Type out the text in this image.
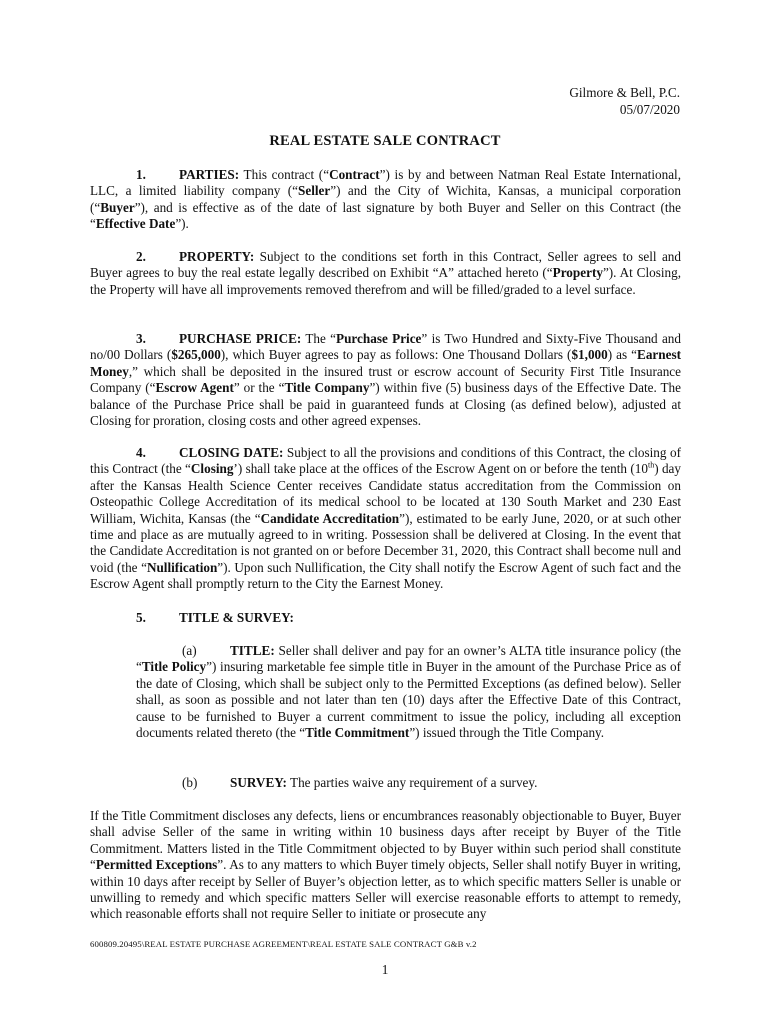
Gilmore & Bell, P.C.
05/07/2020
REAL ESTATE SALE CONTRACT
1.	PARTIES: This contract (“Contract”) is by and between Natman Real Estate International, LLC, a limited liability company (“Seller”) and the City of Wichita, Kansas, a municipal corporation (“Buyer”), and is effective as of the date of last signature by both Buyer and Seller on this Contract (the “Effective Date”).
2.	PROPERTY: Subject to the conditions set forth in this Contract, Seller agrees to sell and Buyer agrees to buy the real estate legally described on Exhibit “A” attached hereto (“Property”). At Closing, the Property will have all improvements removed therefrom and will be filled/graded to a level surface.
3.	PURCHASE PRICE: The “Purchase Price” is Two Hundred and Sixty-Five Thousand and no/00 Dollars ($265,000), which Buyer agrees to pay as follows: One Thousand Dollars ($1,000) as “Earnest Money,” which shall be deposited in the insured trust or escrow account of Security First Title Insurance Company (“Escrow Agent” or the “Title Company”) within five (5) business days of the Effective Date. The balance of the Purchase Price shall be paid in guaranteed funds at Closing (as defined below), adjusted at Closing for proration, closing costs and other agreed expenses.
4.	CLOSING DATE: Subject to all the provisions and conditions of this Contract, the closing of this Contract (the “Closing’) shall take place at the offices of the Escrow Agent on or before the tenth (10th) day after the Kansas Health Science Center receives Candidate status accreditation from the Commission on Osteopathic College Accreditation of its medical school to be located at 130 South Market and 230 East William, Wichita, Kansas (the “Candidate Accreditation”), estimated to be early June, 2020, or at such other time and place as are mutually agreed to in writing. Possession shall be delivered at Closing. In the event that the Candidate Accreditation is not granted on or before December 31, 2020, this Contract shall become null and void (the “Nullification”). Upon such Nullification, the City shall notify the Escrow Agent of such fact and the Escrow Agent shall promptly return to the City the Earnest Money.
5.	TITLE & SURVEY:
(a)	TITLE: Seller shall deliver and pay for an owner’s ALTA title insurance policy (the “Title Policy”) insuring marketable fee simple title in Buyer in the amount of the Purchase Price as of the date of Closing, which shall be subject only to the Permitted Exceptions (as defined below). Seller shall, as soon as possible and not later than ten (10) days after the Effective Date of this Contract, cause to be furnished to Buyer a current commitment to issue the policy, including all exception documents related thereto (the “Title Commitment”) issued through the Title Company.
(b) SURVEY: The parties waive any requirement of a survey.
If the Title Commitment discloses any defects, liens or encumbrances reasonably objectionable to Buyer, Buyer shall advise Seller of the same in writing within 10 business days after receipt by Buyer of the Title Commitment. Matters listed in the Title Commitment objected to by Buyer within such period shall constitute “Permitted Exceptions”. As to any matters to which Buyer timely objects, Seller shall notify Buyer in writing, within 10 days after receipt by Seller of Buyer’s objection letter, as to which specific matters Seller is unable or unwilling to remedy and which specific matters Seller will exercise reasonable efforts to attempt to remedy, which reasonable efforts shall not require Seller to initiate or prosecute any
600809.20495\REAL ESTATE PURCHASE AGREEMENT\REAL ESTATE SALE CONTRACT G&B v.2
1
